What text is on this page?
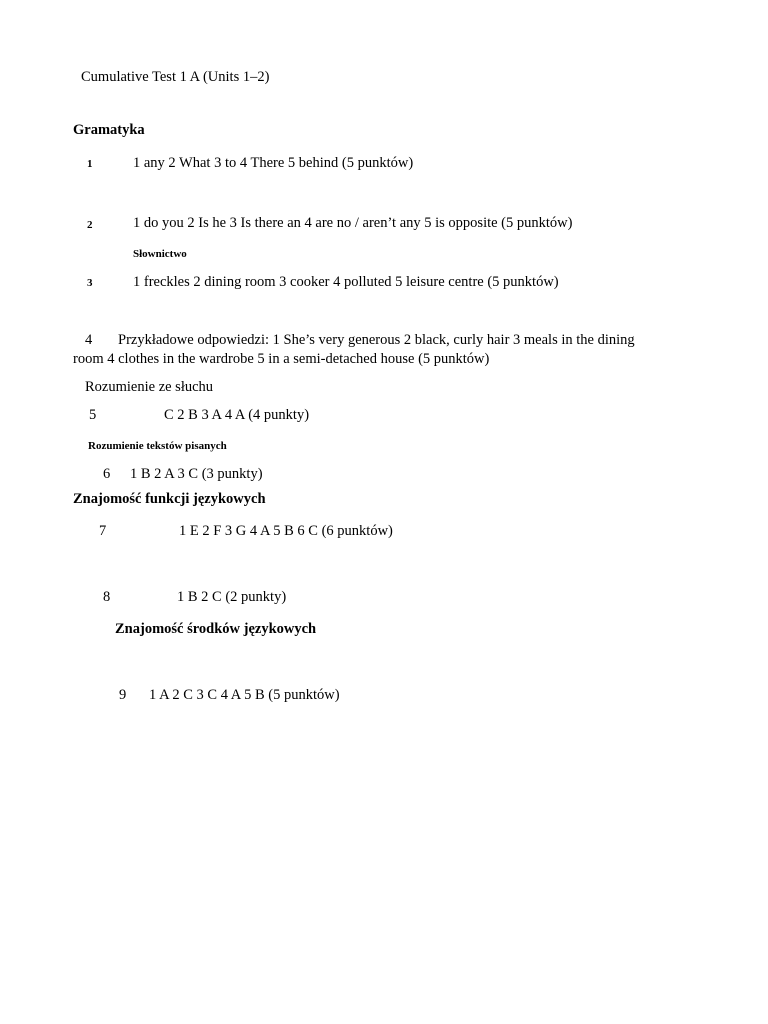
Cumulative Test 1 A (Units 1–2)
Gramatyka
1	1 any 2 What 3 to 4 There 5 behind (5 punktów)
2	1 do you 2 Is he 3 Is there an 4 are no / aren’t any 5 is opposite (5 punktów)
Słownictwo
3	1 freckles 2 dining room 3 cooker 4 polluted 5 leisure centre (5 punktów)
4 Przykładowe odpowiedzi: 1 She’s very generous 2 black, curly hair 3 meals in the dining
room 4 clothes in the wardrobe 5 in a semi-detached house (5 punktów)
Rozumienie ze słuchu
5	C 2 B 3 A 4 A (4 punkty)
Rozumienie tekstów pisanych
6 1 B 2 A 3 C (3 punkty)
Znajomość funkcji językowych
7	1 E 2 F 3 G 4 A 5 B 6 C (6 punktów)
8	1 B 2 C (2 punkty)
Znajomość środków językowych
9 1 A 2 C 3 C 4 A 5 B (5 punktów)
